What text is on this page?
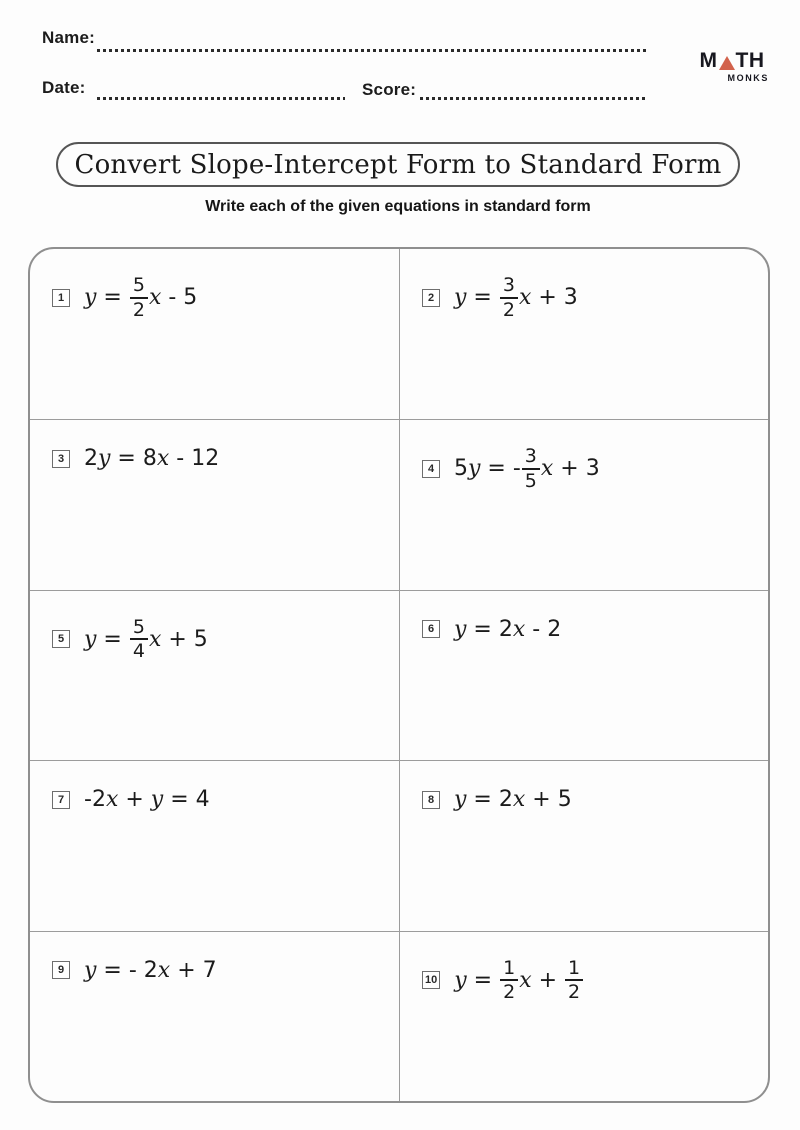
Name:
Date:	Score:
M TH
MONKS
Convert Slope-Intercept Form to Standard Form
Write each of the given equations in standard form
1 $y = \frac{5}{2}$ x - 5	2 $y = \frac{3}{2}$ x + 3
3 2 y = 8 x - 12	4 5 y = - $\frac{3}{5}$ x + 3
5 $y = \frac{5}{4}$ x + 5	6 y = 2 x - 2
7 -2 x + y = 4	8 y = 2 x + 5
9 y = - 2 x + 7	10 $y = \frac{1}{2}$ $x + \frac{1}{2}$
